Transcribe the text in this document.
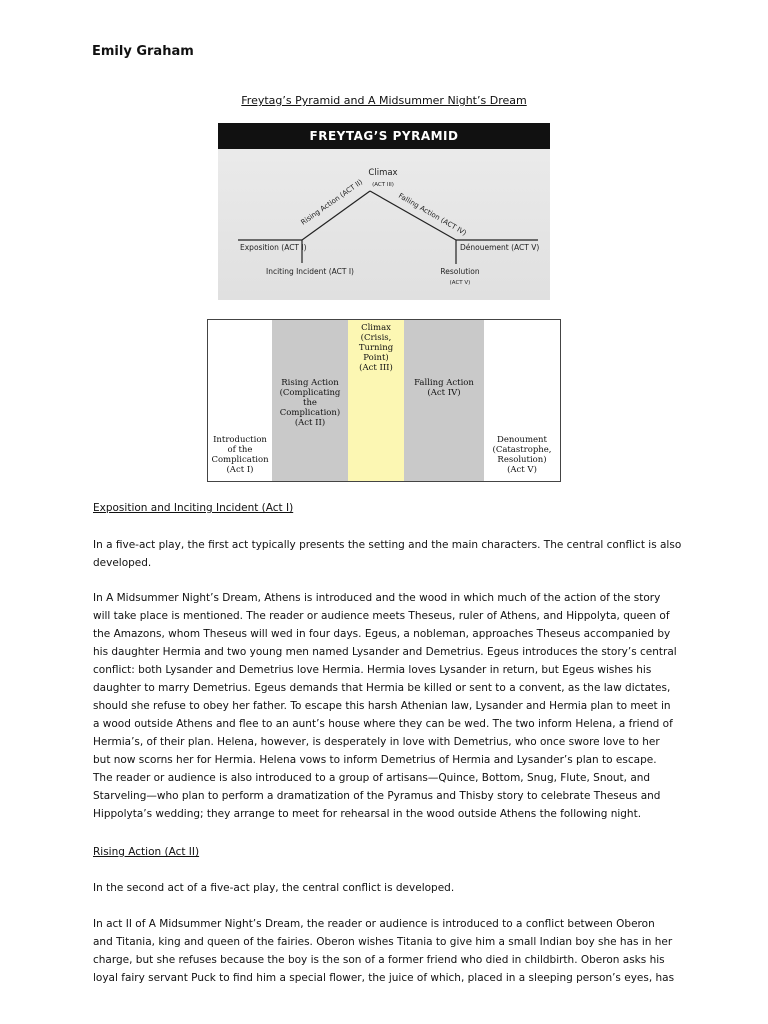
Emily Graham
Freytag’s Pyramid and A Midsummer Night’s Dream
FREYTAG’S PYRAMID
Climax
(ACT III)
Rising Action (ACT II)	Falling Action (ACT IV)
Exposition (ACT I)
Inciting Incident (ACT I)
Dénouement (ACT V)
Resolution
(ACT V)
Introduction
of the
Complication
(Act I)
Rising Action
(Complicating
the
Complication)
(Act II)
Climax
(Crisis,
Turning
Point)
(Act III)
Falling Action
(Act IV)
Denoument
(Catastrophe,
Resolution)
(Act V)
Exposition and Inciting Incident (Act I)
In a five-act play, the first act typically presents the setting and the main characters. The central conflict is also
developed.
In A Midsummer Night’s Dream, Athens is introduced and the wood in which much of the action of the story
will take place is mentioned. The reader or audience meets Theseus, ruler of Athens, and Hippolyta, queen of
the Amazons, whom Theseus will wed in four days. Egeus, a nobleman, approaches Theseus accompanied by
his daughter Hermia and two young men named Lysander and Demetrius. Egeus introduces the story’s central
conflict: both Lysander and Demetrius love Hermia. Hermia loves Lysander in return, but Egeus wishes his
daughter to marry Demetrius. Egeus demands that Hermia be killed or sent to a convent, as the law dictates,
should she refuse to obey her father. To escape this harsh Athenian law, Lysander and Hermia plan to meet in
a wood outside Athens and flee to an aunt’s house where they can be wed. The two inform Helena, a friend of
Hermia’s, of their plan. Helena, however, is desperately in love with Demetrius, who once swore love to her
but now scorns her for Hermia. Helena vows to inform Demetrius of Hermia and Lysander’s plan to escape.
The reader or audience is also introduced to a group of artisans—Quince, Bottom, Snug, Flute, Snout, and
Starveling—who plan to perform a dramatization of the Pyramus and Thisby story to celebrate Theseus and
Hippolyta’s wedding; they arrange to meet for rehearsal in the wood outside Athens the following night.
Rising Action (Act II)
In the second act of a five-act play, the central conflict is developed.
In act II of A Midsummer Night’s Dream, the reader or audience is introduced to a conflict between Oberon
and Titania, king and queen of the fairies. Oberon wishes Titania to give him a small Indian boy she has in her
charge, but she refuses because the boy is the son of a former friend who died in childbirth. Oberon asks his
loyal fairy servant Puck to find him a special flower, the juice of which, placed in a sleeping person’s eyes, has
